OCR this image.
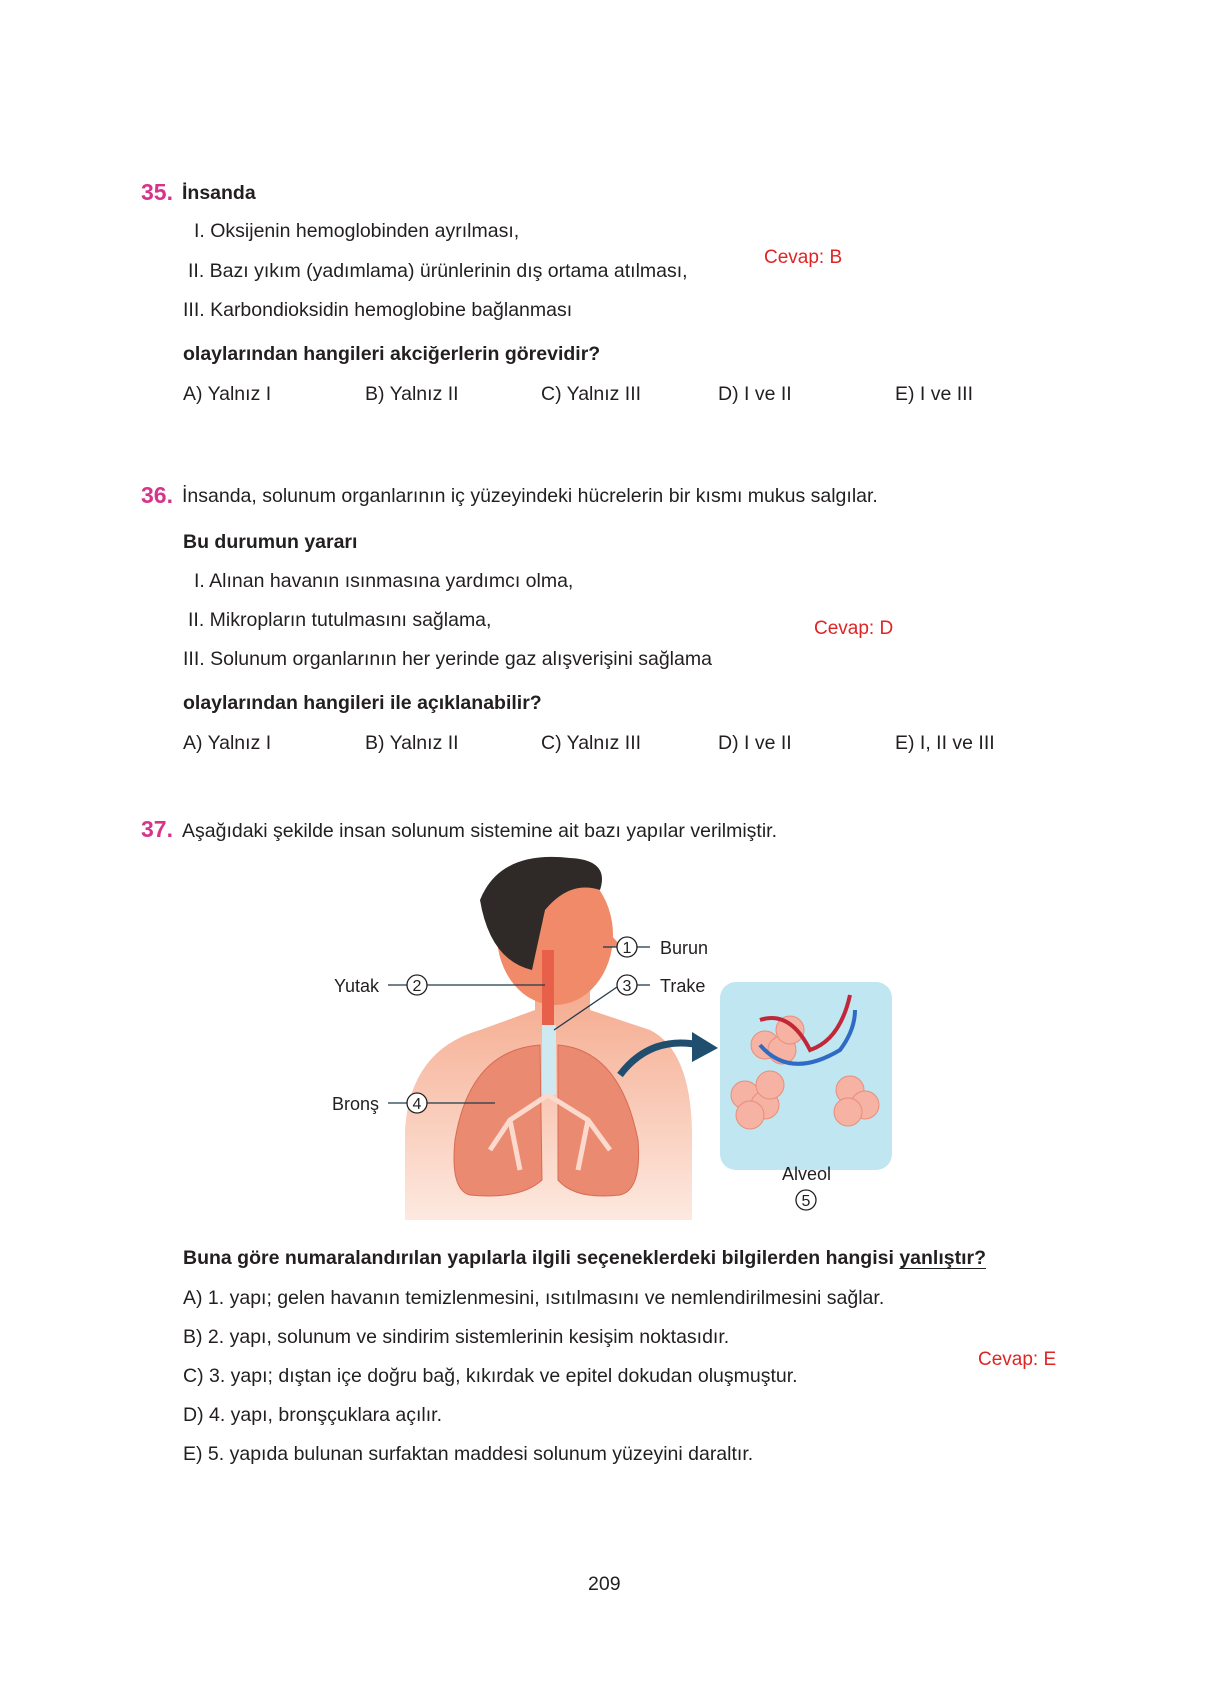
35. İnsanda
I. Oksijenin hemoglobinden ayrılması,
II. Bazı yıkım (yadımlama) ürünlerinin dış ortama atılması,
III. Karbondioksidin hemoglobine bağlanması
olaylarından hangileri akciğerlerin görevidir?
A) Yalnız I	B) Yalnız II	C) Yalnız III	D) I ve II	E) I ve III
Cevap: B
36. İnsanda, solunum organlarının iç yüzeyindeki hücrelerin bir kısmı mukus salgılar.
Bu durumun yararı
I. Alınan havanın ısınmasına yardımcı olma,
II. Mikropların tutulmasını sağlama,
III. Solunum organlarının her yerinde gaz alışverişini sağlama
olaylarından hangileri ile açıklanabilir?
A) Yalnız I	B) Yalnız II	C) Yalnız III	D) I ve II	E) I, II ve III
Cevap: D
37. Aşağıdaki şekilde insan solunum sistemine ait bazı yapılar verilmiştir.
1
2	3
4
5
Burun
Yutak	Trake
Bronş
Alveol
Buna göre numaralandırılan yapılarla ilgili seçeneklerdeki bilgilerden hangisi yanlıştır?
A) 1. yapı; gelen havanın temizlenmesini, ısıtılmasını ve nemlendirilmesini sağlar.
B) 2. yapı, solunum ve sindirim sistemlerinin kesişim noktasıdır.
C) 3. yapı; dıştan içe doğru bağ, kıkırdak ve epitel dokudan oluşmuştur.
D) 4. yapı, bronşçuklara açılır.
E) 5. yapıda bulunan surfaktan maddesi solunum yüzeyini daraltır.
Cevap: E
209
